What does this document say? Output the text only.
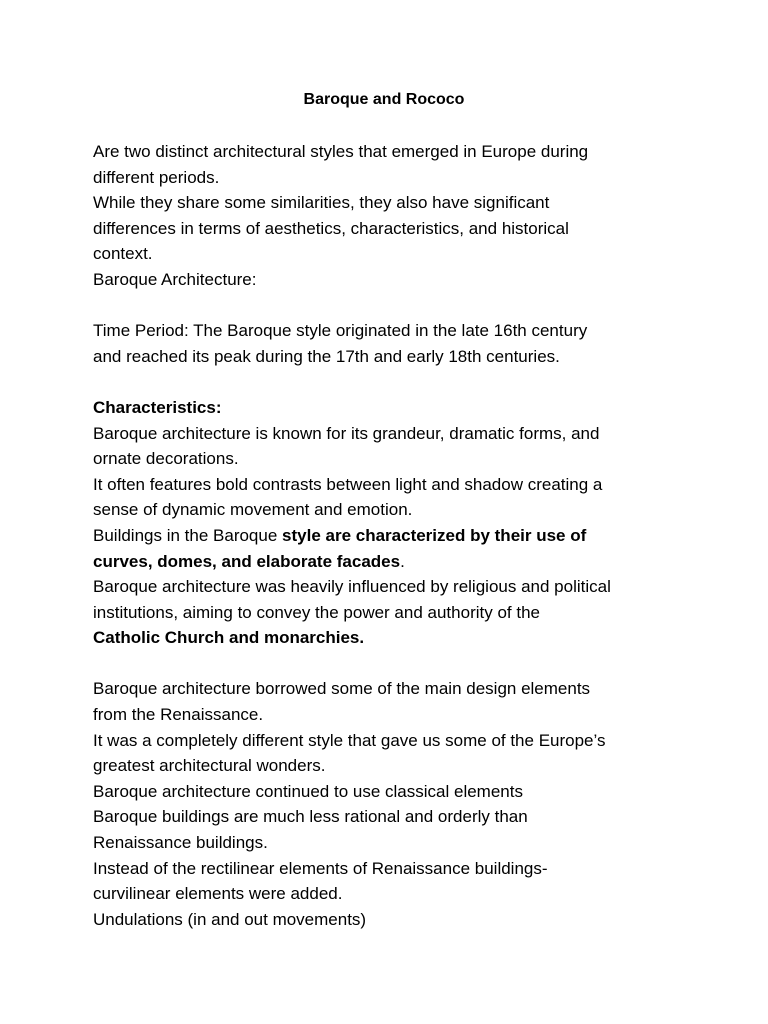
Baroque and Rococo
Are two distinct architectural styles that emerged in Europe during
different periods.
While they share some similarities, they also have significant
differences in terms of aesthetics, characteristics, and historical
context.
Baroque Architecture:
Time Period: The Baroque style originated in the late 16th century
and reached its peak during the 17th and early 18th centuries.
Characteristics:
Baroque architecture is known for its grandeur, dramatic forms, and
ornate decorations.
It often features bold contrasts between light and shadow creating a
sense of dynamic movement and emotion.
Buildings in the Baroque style are characterized by their use of
curves, domes, and elaborate facades.
Baroque architecture was heavily influenced by religious and political
institutions, aiming to convey the power and authority of the
Catholic Church and monarchies.
Baroque architecture borrowed some of the main design elements
from the Renaissance.
It was a completely different style that gave us some of the Europe’s
greatest architectural wonders.
Baroque architecture continued to use classical elements
Baroque buildings are much less rational and orderly than
Renaissance buildings.
Instead of the rectilinear elements of Renaissance buildings-
curvilinear elements were added.
Undulations (in and out movements)
